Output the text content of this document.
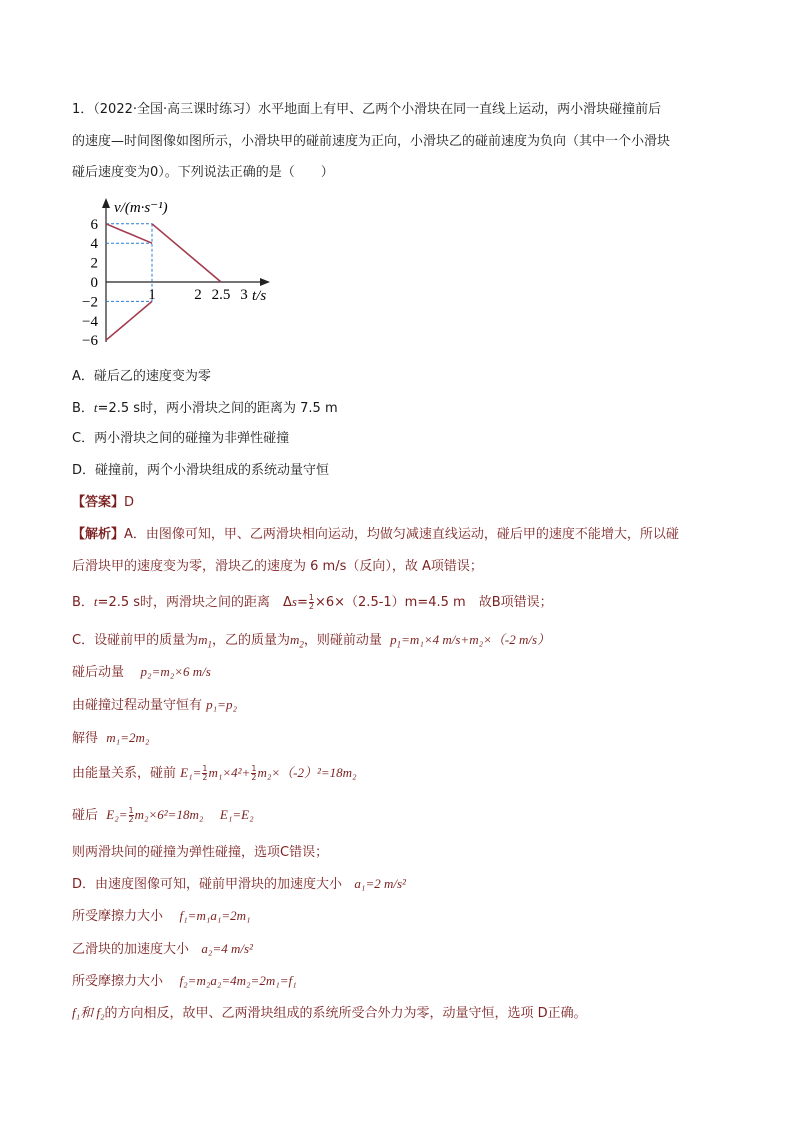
1．（2022·全国·高三课时练习）水平地面上有甲、乙两个小滑块在同一直线上运动，两小滑块碰撞前后
的速度—时间图像如图所示，小滑块甲的碰前速度为正向，小滑块乙的碰前速度为负向（其中一个小滑块
碰后速度变为0）。下列说法正确的是（　　）
v/(m·s⁻¹)
t/s
6
4
2
0
−2
−4
−6
1	2 2.5 3
A．碰后乙的速度变为零
B．t=2.5 s时，两小滑块之间的距离为 7.5 m
C．两小滑块之间的碰撞为非弹性碰撞
D．碰撞前，两个小滑块组成的系统动量守恒
【答案】D
【解析】A．由图像可知，甲、乙两滑块相向运动，均做匀减速直线运动，碰后甲的速度不能增大，所以碰
后滑块甲的速度变为零，滑块乙的速度为 6 m/s（反向），故 A项错误；
B．t=2.5 s时，两滑块之间的距离　$\Delta s= \frac{1}{2} \times 6\times(2.5-1)m=4.5$ m　故B项错误；
C．设碰前甲的质量为$m_1$，乙的质量为$m_2$，则碰前动量 $p_1=m_1\times 4$ m/s+m₂×（-2 m/s）
碰后动量 p₂=m₂×6 m/s
由碰撞过程动量守恒有 p₁=p₂
解得 m₁=2m₂
由能量关系，碰前 $E_1= \frac{1}{2} m_1\times 4^2+ \frac{1}{2} m_2\times(-2)^2=18m_2$
碰后 $E_2= \frac{1}{2} m_2\times 6^2=18m_2$ E₁=E₂
则两滑块间的碰撞为弹性碰撞，选项C错误；
D．由速度图像可知，碰前甲滑块的加速度大小 a₁=2 m/s²
所受摩擦力大小 f₁=m₁a₁=2m₁
乙滑块的加速度大小 a₂=4 m/s²
所受摩擦力大小 f₂=m₂a₂=4m₂=2m₁=f₁
f₁和 f₂的方向相反，故甲、乙两滑块组成的系统所受合外力为零，动量守恒，选项 D正确。
